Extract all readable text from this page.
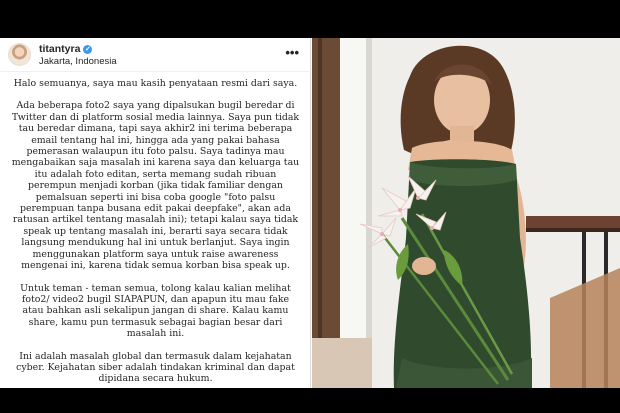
titantyra ✓
Jakarta, Indonesia
•••

Halo semuanya, saya mau kasih penyataan resmi dari saya.

Ada beberapa foto2 saya yang dipalsukan bugil beredar di Twitter dan di platform sosial media lainnya. Saya pun tidak tau beredar dimana, tapi saya akhir2 ini terima beberapa email tentang hal ini, hingga ada yang pakai bahasa pemerasan walaupun itu foto palsu. Saya tadinya mau mengabaikan saja masalah ini karena saya dan keluarga tau itu adalah foto editan, serta memang sudah ribuan perempun menjadi korban (jika tidak familiar dengan pemalsuan seperti ini bisa coba google "foto palsu perempuan tanpa busana edit pakai deepfake", akan ada ratusan artikel tentang masalah ini); tetapi kalau saya tidak speak up tentang masalah ini, berarti saya secara tidak langsung mendukung hal ini untuk berlanjut. Saya ingin menggunakan platform saya untuk raise awareness mengenai ini, karena tidak semua korban bisa speak up.

Untuk teman - teman semua, tolong kalau kalian melihat foto2/ video2 bugil SIAPAPUN, dan apapun itu mau fake atau bahkan asli sekalipun jangan di share. Kalau kamu share, kamu pun termasuk sebagai bagian besar dari masalah ini.

Ini adalah masalah global dan termasuk dalam kejahatan cyber. Kejahatan siber adalah tindakan kriminal dan dapat dipidana secara hukum.
